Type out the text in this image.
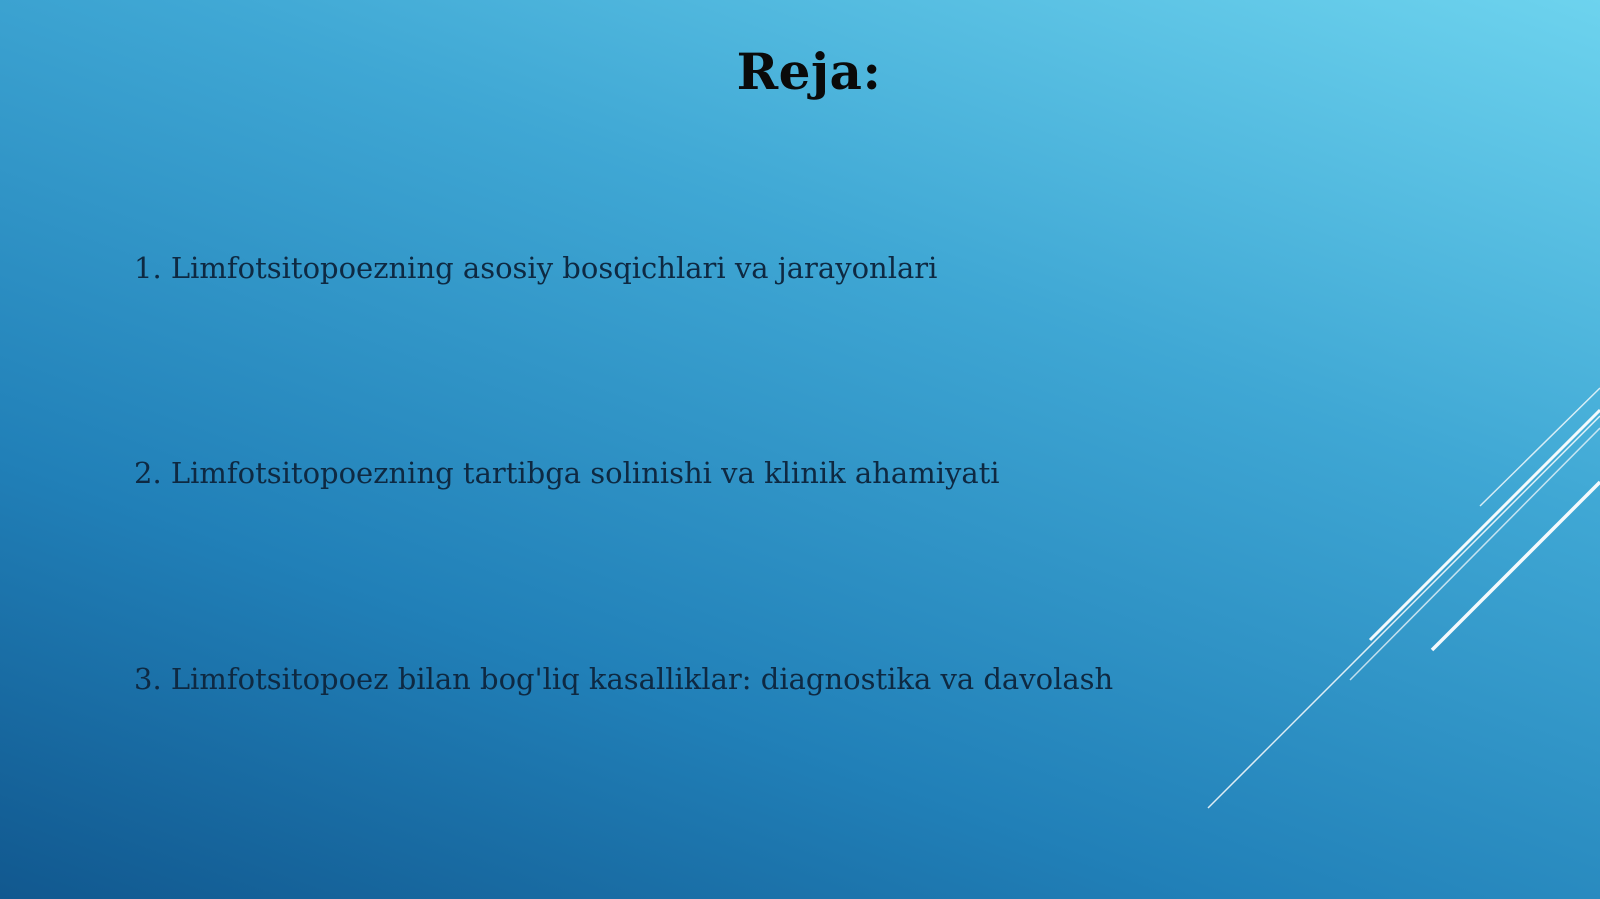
Reja:
1. Limfotsitopoezning asosiy bosqichlari va jarayonlari
2. Limfotsitopoezning tartibga solinishi va klinik ahamiyati
3. Limfotsitopoez bilan bog'liq kasalliklar: diagnostika va davolash
